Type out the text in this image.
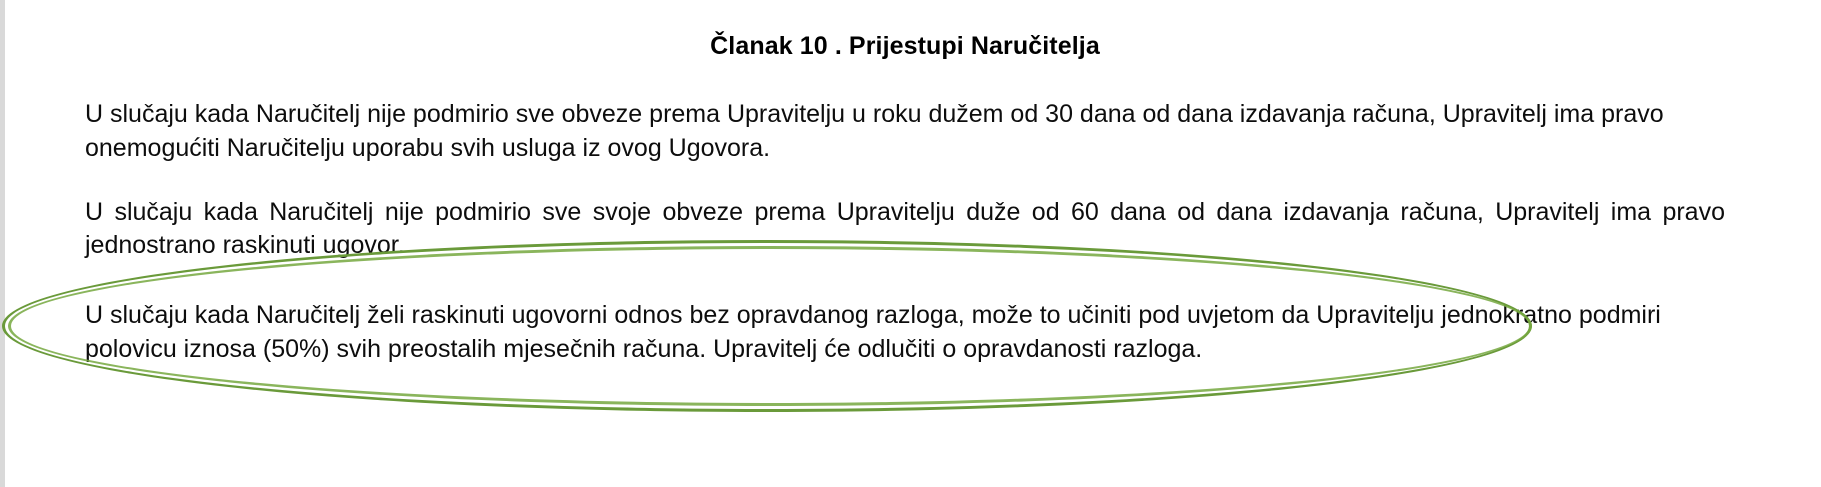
Članak 10 . Prijestupi Naručitelja

U slučaju kada Naručitelj nije podmirio sve obveze prema Upravitelju u roku dužem od 30 dana od dana izdavanja računa, Upravitelj ima pravo onemogućiti Naručitelju uporabu svih usluga iz ovog Ugovora.

U slučaju kada Naručitelj nije podmirio sve svoje obveze prema Upravitelju duže od 60 dana od dana izdavanja računa, Upravitelj ima pravo jednostrano raskinuti ugovor.

U slučaju kada Naručitelj želi raskinuti ugovorni odnos bez opravdanog razloga, može to učiniti pod uvjetom da Upravitelju jednokratno podmiri polovicu iznosa (50%) svih preostalih mjesečnih računa. Upravitelj će odlučiti o opravdanosti razloga.
